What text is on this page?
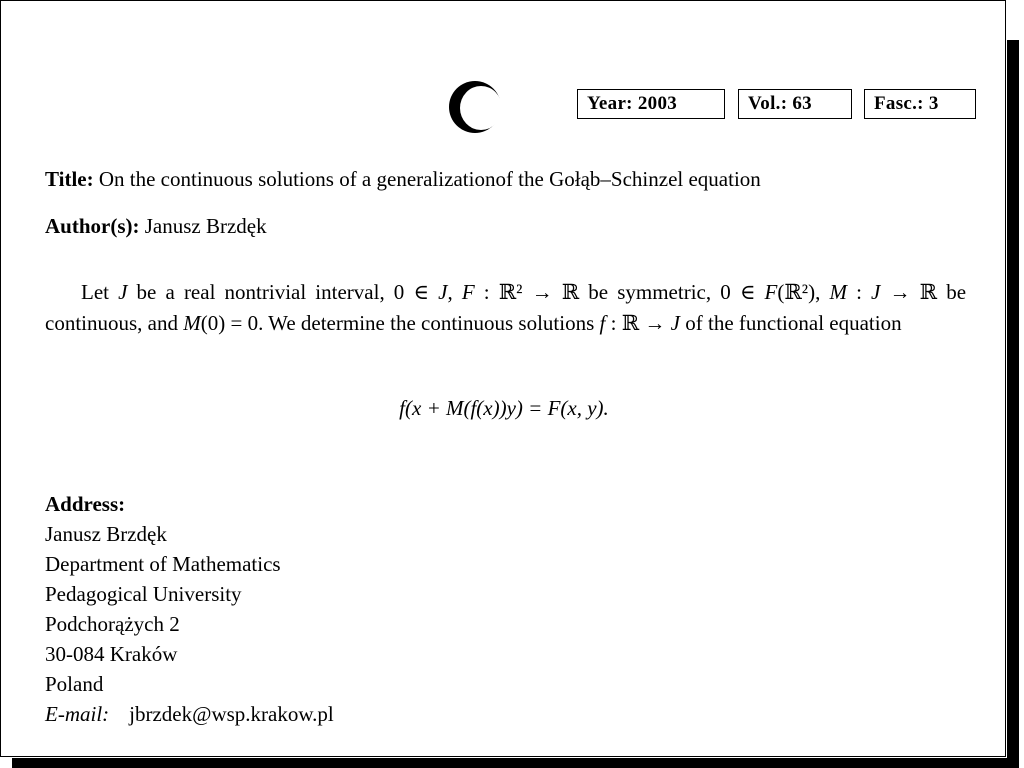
Year: 2003	Vol.: 63	Fasc.: 3
Title: On the continuous solutions of a generalizationof the Gołąb–Schinzel equation
Author(s): Janusz Brzdęk

Let J be a real nontrivial interval, 0 ∈ J, F : ℝ² → ℝ be symmetric, 0 ∈ F(ℝ²), M : J → ℝ be continuous, and M(0) = 0. We determine the continuous solutions f : ℝ → J of the functional equation

f(x + M(f(x))y) = F(x, y).
Address:
Janusz Brzdęk
Department of Mathematics
Pedagogical University
Podchorążych 2
30-084 Kraków
Poland
E-mail: jbrzdek@wsp.krakow.pl
